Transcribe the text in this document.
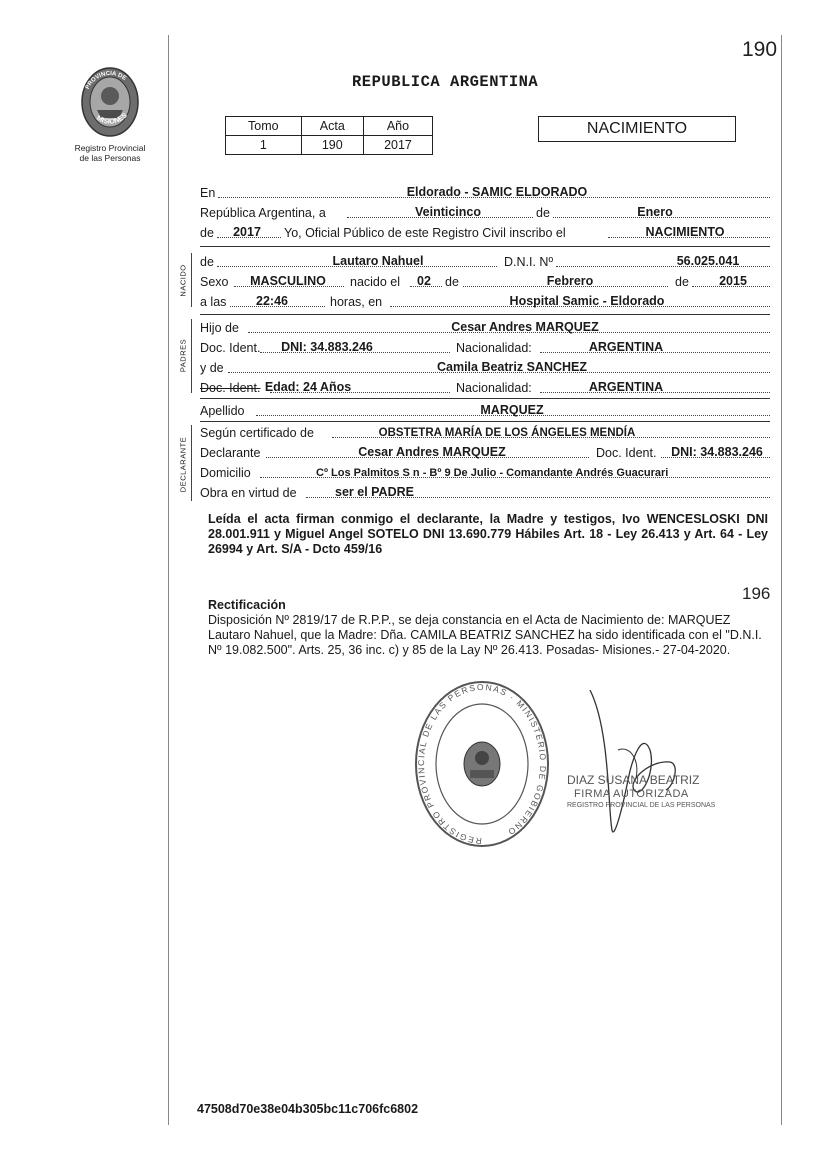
190
PROVINCIA DE
MISIONES
Registro Provincial
de las Personas
REPUBLICA ARGENTINA
Tomo	Acta	Año
1	190	2017
NACIMIENTO
En	Eldorado - SAMIC ELDORADO
República Argentina, a	Veinticinco	de	Enero
de 2017 Yo, Oficial Público de este Registro Civil inscribo el	NACIMIENTO
NACIDO
de	Lautaro Nahuel	D.N.I. Nº	56.025.041
Sexo MASCULINO nacido el 02 de	Febrero	de 2015
a las 22:46	horas, en	Hospital Samic - Eldorado
PADRES
Hijo de	Cesar Andres MARQUEZ
Doc. Ident. DNI: 34.883.246	Nacionalidad:	ARGENTINA
y de	Camila Beatriz SANCHEZ
Doc. Ident. Edad: 24 Años	Nacionalidad:	ARGENTINA
Apellido	MARQUEZ
DECLARANTE
Según certificado de	OBSTETRA MARÍA DE LOS ÁNGELES MENDÍA
Declarante	Cesar Andres MARQUEZ	Doc. Ident. DNI: 34.883.246
Domicilio	Cº Los Palmitos S n - Bº 9 De Julio - Comandante Andrés Guacurari
Obra en virtud de	ser el PADRE
Leída el acta firman conmigo el declarante, la Madre y testigos, Ivo WENCESLOSKI DNI 28.001.911 y Miguel Angel SOTELO DNI 13.690.779 Hábiles Art. 18 - Ley 26.413 y Art. 64 - Ley 26994 y Art. S/A - Dcto 459/16
196
Rectificación
Disposición Nº 2819/17 de R.P.P., se deja constancia en el Acta de Nacimiento de: MARQUEZ Lautaro Nahuel, que la Madre: Dña. CAMILA BEATRIZ SANCHEZ ha sido identificada con el "D.N.I. Nº 19.082.500". Arts. 25, 36 inc. c) y 85 de la Lay Nº 26.413. Posadas- Misiones.- 27-04-2020.
REGISTRO PROVINCIAL DE LAS PERSONAS · MINISTERIO DE GOBIERNO
DIAZ SUSANA BEATRIZ
FIRMA AUTORIZADA
REGISTRO PROVINCIAL DE LAS PERSONAS
47508d70e38e04b305bc11c706fc6802
